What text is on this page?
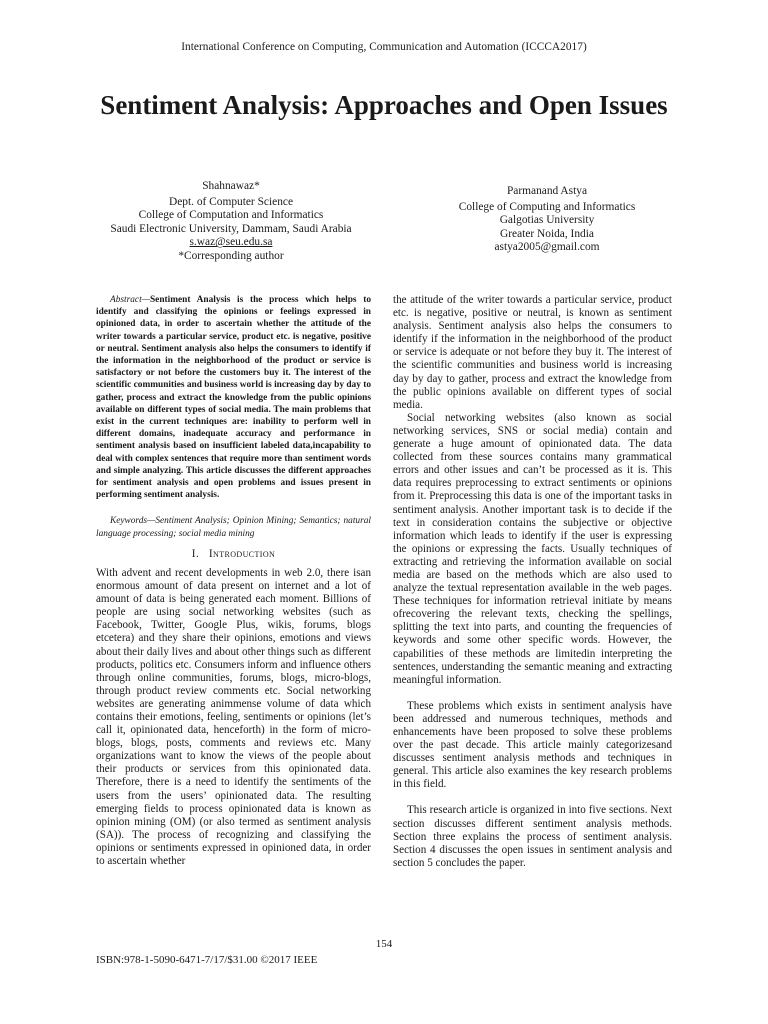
International Conference on Computing, Communication and Automation (ICCCA2017)
Sentiment Analysis: Approaches and Open Issues
Shahnawaz*
Dept. of Computer Science
College of Computation and Informatics
Saudi Electronic University, Dammam, Saudi Arabia
s.waz@seu.edu.sa
*Corresponding author
Parmanand Astya
College of Computing and Informatics
Galgotias University
Greater Noida, India
astya2005@gmail.com

Abstract—Sentiment Analysis is the process which helps to identify and classifying the opinions or feelings expressed in opinioned data, in order to ascertain whether the attitude of the writer towards a particular service, product etc. is negative, positive or neutral. Sentiment analysis also helps the consumers to identify if the information in the neighborhood of the product or service is satisfactory or not before the customers buy it. The interest of the scientific communities and business world is increasing day by day to gather, process and extract the knowledge from the public opinions available on different types of social media. The main problems that exist in the current techniques are: inability to perform well in different domains, inadequate accuracy and performance in sentiment analysis based on insufficient labeled data,incapability to deal with complex sentences that require more than sentiment words and simple analyzing. This article discusses the different approaches for sentiment analysis and open problems and issues present in performing sentiment analysis.

Keywords—Sentiment Analysis; Opinion Mining; Semantics; natural language processing; social media mining

I. Introduction

With advent and recent developments in web 2.0, there isan enormous amount of data present on internet and a lot of amount of data is being generated each moment. Billions of people are using social networking websites (such as Facebook, Twitter, Google Plus, wikis, forums, blogs etcetera) and they share their opinions, emotions and views about their daily lives and about other things such as different products, politics etc. Consumers inform and influence others through online communities, forums, blogs, micro-blogs, through product review comments etc. Social networking websites are generating animmense volume of data which contains their emotions, feeling, sentiments or opinions (let’s call it, opinionated data, henceforth) in the form of micro-blogs, blogs, posts, comments and reviews etc. Many organizations want to know the views of the people about their products or services from this opinionated data. Therefore, there is a need to identify the sentiments of the users from the users’ opinionated data. The resulting emerging fields to process opinionated data is known as opinion mining (OM) (or also termed as sentiment analysis (SA)). The process of recognizing and classifying the opinions or sentiments expressed in opinioned data, in order to ascertain whether

the attitude of the writer towards a particular service, product etc. is negative, positive or neutral, is known as sentiment analysis. Sentiment analysis also helps the consumers to identify if the information in the neighborhood of the product or service is adequate or not before they buy it. The interest of the scientific communities and business world is increasing day by day to gather, process and extract the knowledge from the public opinions available on different types of social media.

Social networking websites (also known as social networking services, SNS or social media) contain and generate a huge amount of opinionated data. The data collected from these sources contains many grammatical errors and other issues and can’t be processed as it is. This data requires preprocessing to extract sentiments or opinions from it. Preprocessing this data is one of the important tasks in sentiment analysis. Another important task is to decide if the text in consideration contains the subjective or objective information which leads to identify if the user is expressing the opinions or expressing the facts. Usually techniques of extracting and retrieving the information available on social media are based on the methods which are also used to analyze the textual representation available in the web pages. These techniques for information retrieval initiate by means ofrecovering the relevant texts, checking the spellings, splitting the text into parts, and counting the frequencies of keywords and some other specific words. However, the capabilities of these methods are limitedin interpreting the sentences, understanding the semantic meaning and extracting meaningful information.

These problems which exists in sentiment analysis have been addressed and numerous techniques, methods and enhancements have been proposed to solve these problems over the past decade. This article mainly categorizesand discusses sentiment analysis methods and techniques in general. This article also examines the key research problems in this field.

This research article is organized in into five sections. Next section discusses different sentiment analysis methods. Section three explains the process of sentiment analysis. Section 4 discusses the open issues in sentiment analysis and section 5 concludes the paper.

154
ISBN:978-1-5090-6471-7/17/$31.00 ©2017 IEEE
